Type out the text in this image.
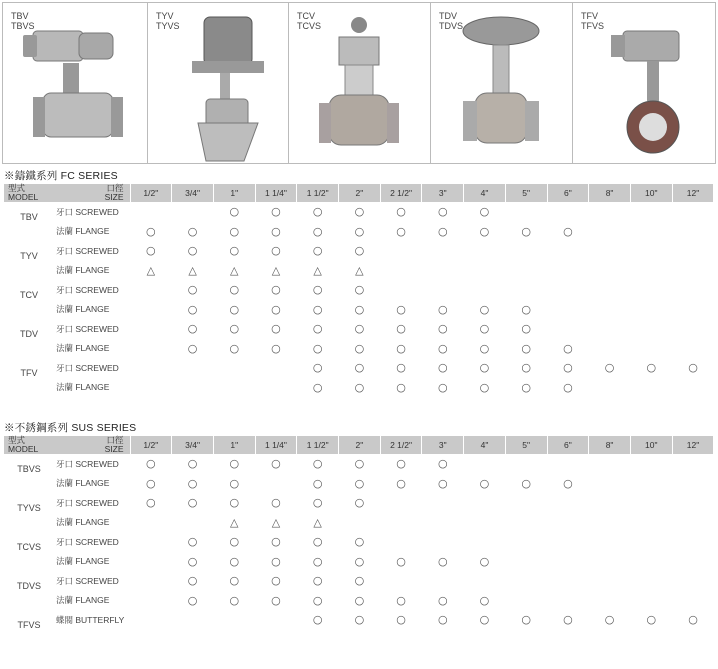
TBV
TBVS
TYV
TYVS
TCV
TCVS
TDV
TDVS
TFV
TFVS
※鑄鐵系列 FC SERIES
口徑
SIZE
型式
MODEL		1/2"	3/4"	1"	1 1/4"	1 1/2"	2"	2 1/2"	3"	4"	5"	6"	8"	10"	12"
TBV	牙口 SCREWED			○	○	○	○	○	○	○					
	法蘭 FLANGE	○	○	○	○	○	○	○	○	○	○	○			
TYV	牙口 SCREWED	○	○	○	○	○	○								
	法蘭 FLANGE	△	△	△	△	△	△								
TCV	牙口 SCREWED		○	○	○	○	○								
	法蘭 FLANGE		○	○	○	○	○	○	○	○	○				
TDV	牙口 SCREWED		○	○	○	○	○	○	○	○	○				
	法蘭 FLANGE		○	○	○	○	○	○	○	○	○	○			
TFV	牙口 SCREWED					○	○	○	○	○	○	○	○	○	○
	法蘭 FLANGE					○	○	○	○	○	○	○			
※不銹鋼系列 SUS SERIES
口徑
SIZE
型式
MODEL		1/2"	3/4"	1"	1 1/4"	1 1/2"	2"	2 1/2"	3"	4"	5"	6"	8"	10"	12"
TBVS	牙口 SCREWED	○	○	○	○	○	○	○	○						
	法蘭 FLANGE	○	○	○		○	○	○	○	○	○	○			
TYVS	牙口 SCREWED	○	○	○	○	○	○								
	法蘭 FLANGE			△	△	△									
TCVS	牙口 SCREWED		○	○	○	○	○								
	法蘭 FLANGE		○	○	○	○	○	○	○	○					
TDVS	牙口 SCREWED		○	○	○	○	○								
	法蘭 FLANGE		○	○	○	○	○	○	○	○					
TFVS	蝶閥 BUTTERFLY					○	○	○	○	○	○	○	○	○	○
